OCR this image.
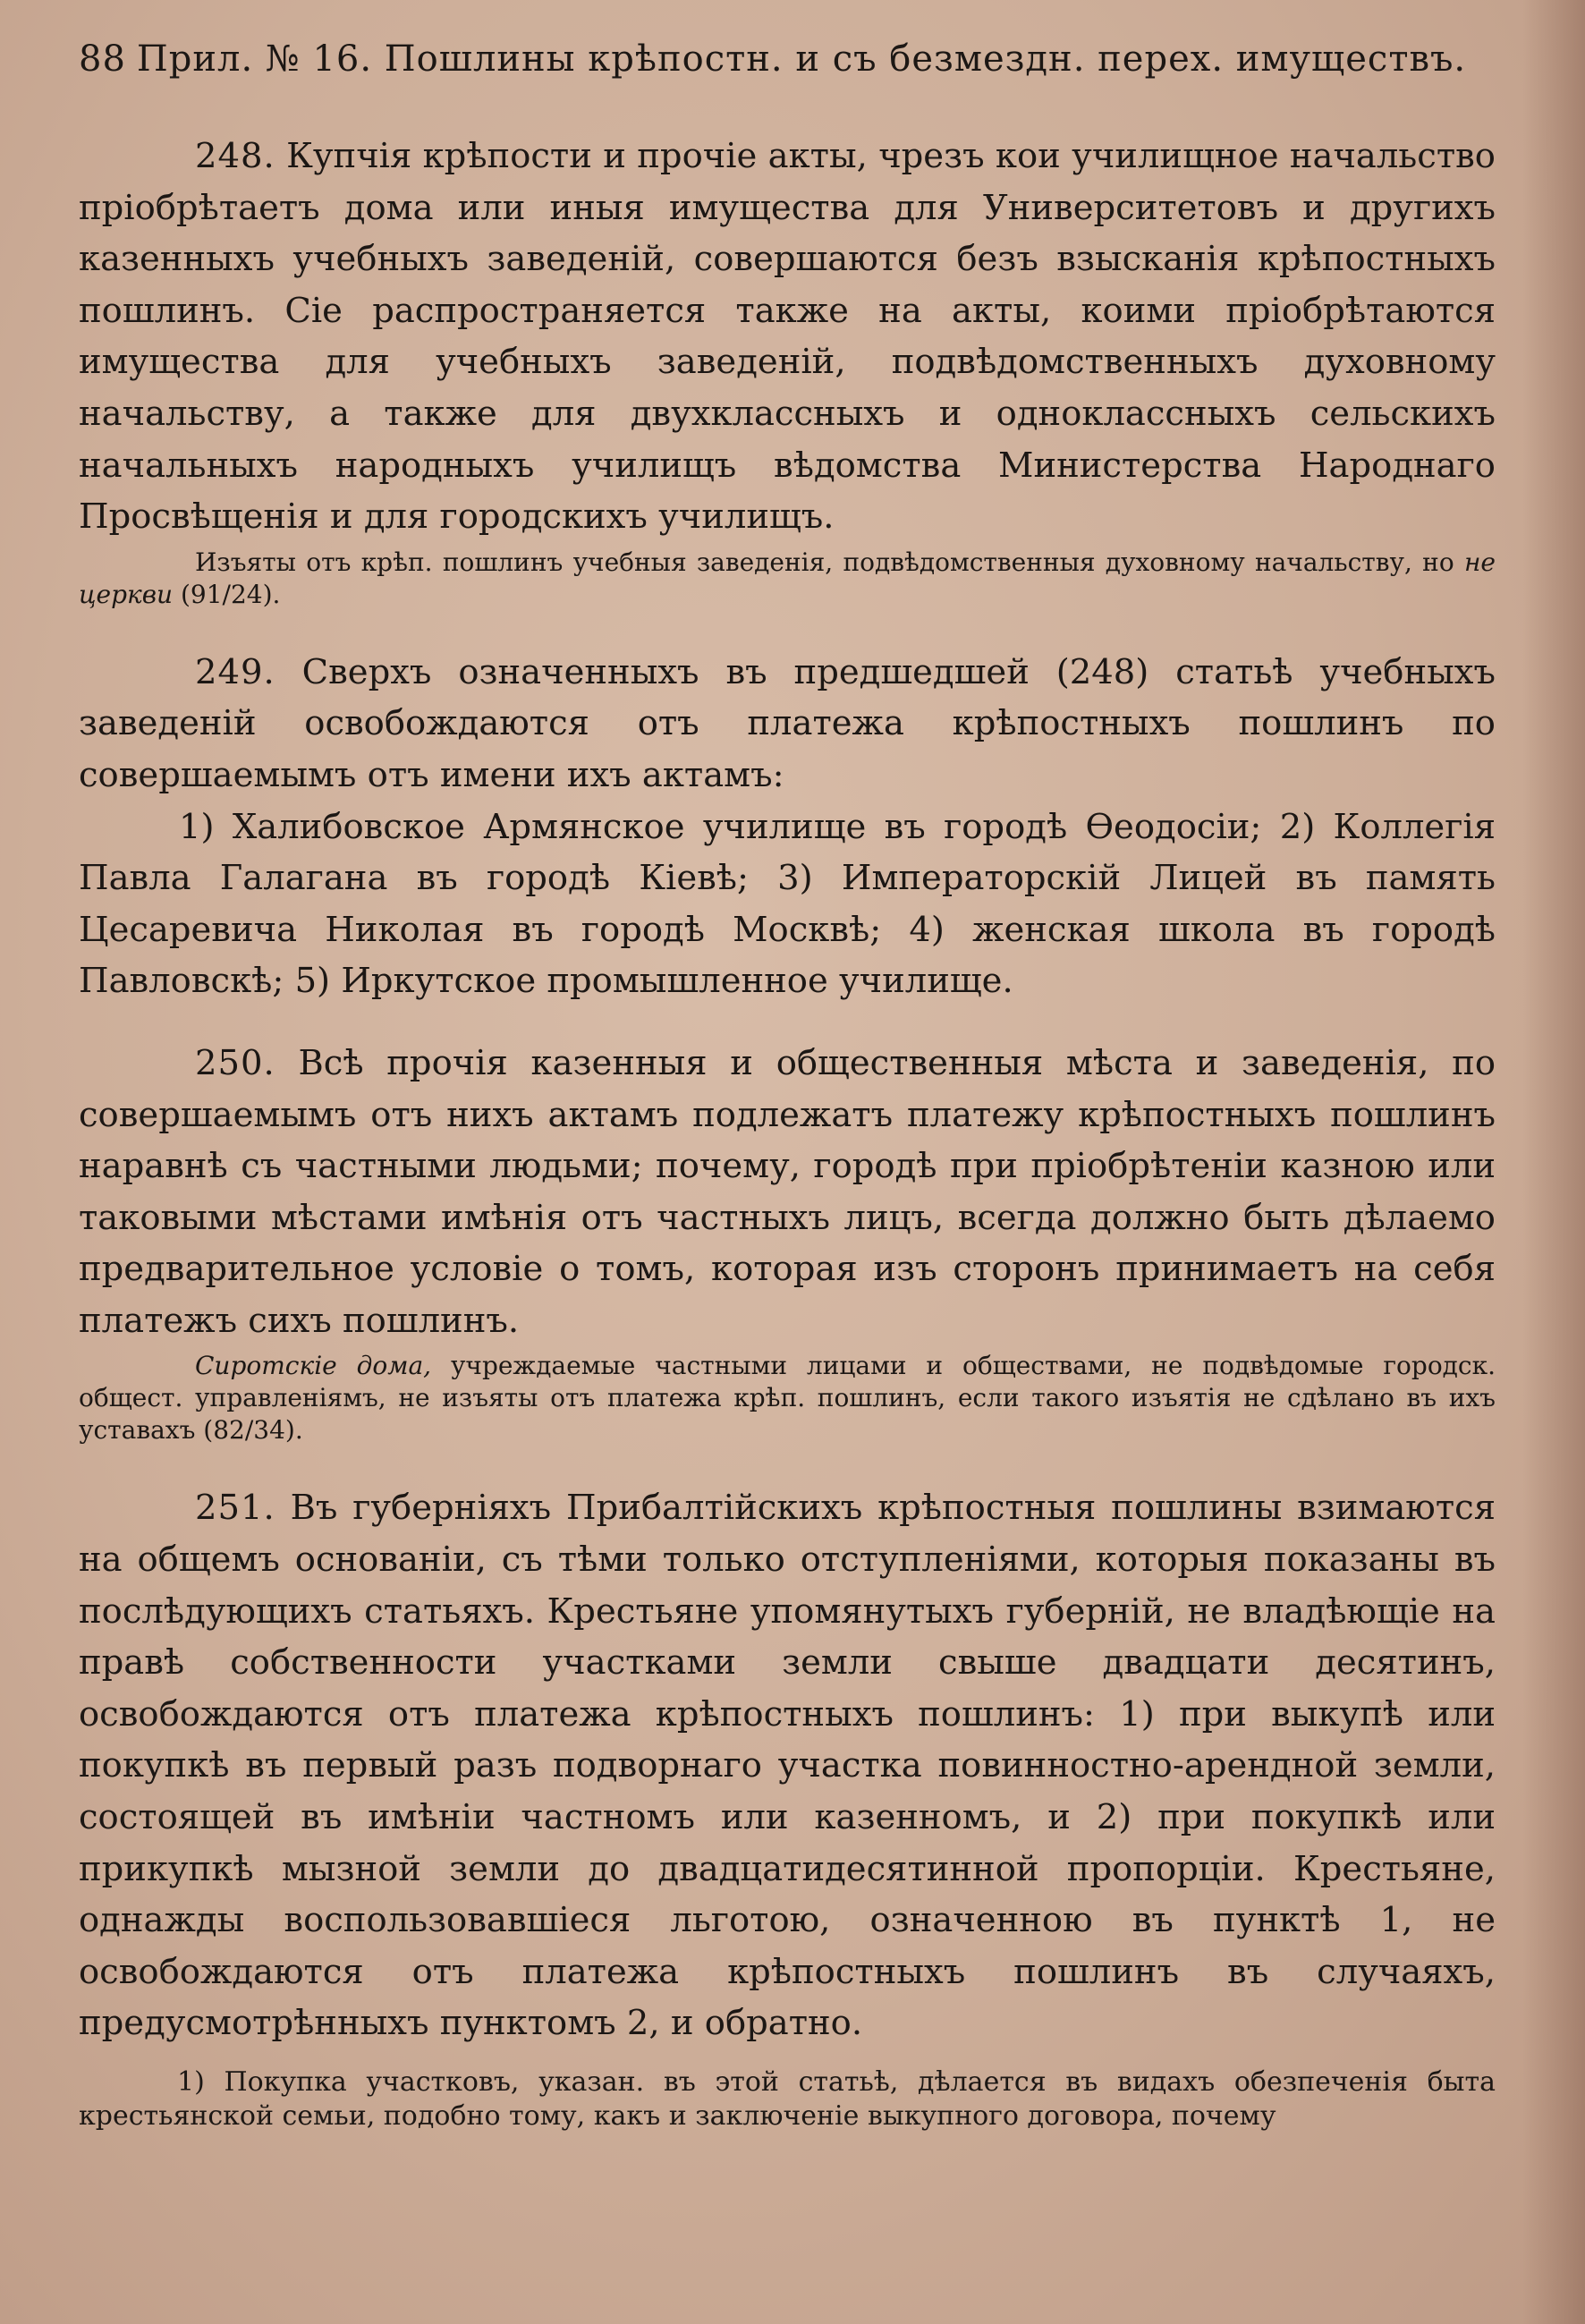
88 Прил. № 16. Пошлины крѣпостн. и съ безмездн. перех. имуществъ.

248. Купчія крѣпости и прочіе акты, чрезъ кои училищное начальство пріобрѣтаетъ дома или иныя имущества для Университетовъ и другихъ казенныхъ учебныхъ заведеній, совершаются безъ взысканія крѣпостныхъ пошлинъ. Сіе распространяется также на акты, коими пріобрѣтаются имущества для учебныхъ заведеній, подвѣдомственныхъ духовному начальству, а также для двухклассныхъ и одноклассныхъ сельскихъ начальныхъ народныхъ училищъ вѣдомства Министерства Народнаго Просвѣщенія и для городскихъ училищъ.

Изъяты отъ крѣп. пошлинъ учебныя заведенія, подвѣдомственныя духовному начальству, но не церкви (91/24).

249. Сверхъ означенныхъ въ предшедшей (248) статьѣ учебныхъ заведеній освобождаются отъ платежа крѣпостныхъ пошлинъ по совершаемымъ отъ имени ихъ актамъ:

1) Халибовское Армянское училище въ городѣ Ѳеодосіи; 2) Коллегія Павла Галагана въ городѣ Кіевѣ; 3) Императорскій Лицей въ память Цесаревича Николая въ городѣ Москвѣ; 4) женская школа въ городѣ Павловскѣ; 5) Иркутское промышленное училище.

250. Всѣ прочія казенныя и общественныя мѣста и заведенія, по совершаемымъ отъ нихъ актамъ подлежатъ платежу крѣпостныхъ пошлинъ наравнѣ съ частными людьми; почему, городѣ при пріобрѣтеніи казною или таковыми мѣстами имѣнія отъ частныхъ лицъ, всегда должно быть дѣлаемо предварительное условіе о томъ, которая изъ сторонъ принимаетъ на себя платежъ сихъ пошлинъ.

Сиротскіе дома, учреждаемые частными лицами и обществами, не подвѣдомые городск. общест. управленіямъ, не изъяты отъ платежа крѣп. пошлинъ, если такого изъятія не сдѣлано въ ихъ уставахъ (82/34).

251. Въ губерніяхъ Прибалтійскихъ крѣпостныя пошлины взимаются на общемъ основаніи, съ тѣми только отступленіями, которыя показаны въ послѣдующихъ статьяхъ. Крестьяне упомянутыхъ губерній, не владѣющіе на правѣ собственности участками земли свыше двадцати десятинъ, освобождаются отъ платежа крѣпостныхъ пошлинъ: 1) при выкупѣ или покупкѣ въ первый разъ подворнаго участка повинностно-арендной земли, состоящей въ имѣніи частномъ или казенномъ, и 2) при покупкѣ или прикупкѣ мызной земли до двадцатидесятинной пропорціи. Крестьяне, однажды воспользовавшіеся льготою, означенною въ пунктѣ 1, не освобождаются отъ платежа крѣпостныхъ пошлинъ въ случаяхъ, предусмотрѣнныхъ пунктомъ 2, и обратно.

1) Покупка участковъ, указан. въ этой статьѣ, дѣлается въ видахъ обезпеченія быта крестьянской семьи, подобно тому, какъ и заключеніе выкупного договора, почему
